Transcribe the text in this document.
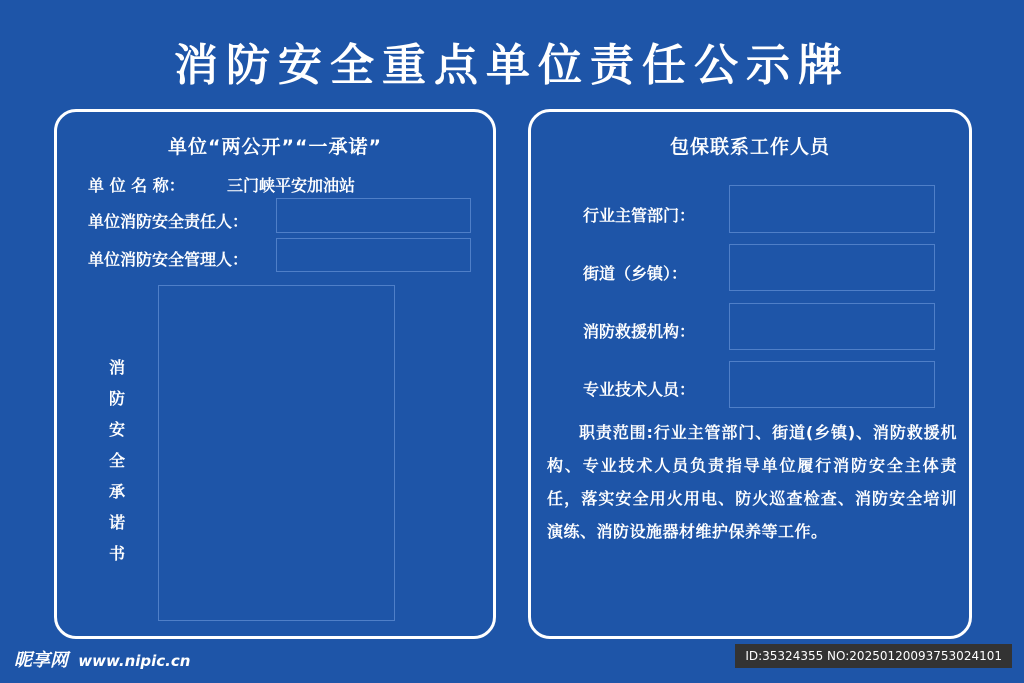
消防安全重点单位责任公示牌
单位“两公开”“一承诺”
单 位 名 称：	三门峡平安加油站
单位消防安全责任人：
单位消防安全管理人：
消
防
安
全
承
诺
书
包保联系工作人员
行业主管部门：
街道（乡镇）：
消防救援机构：
专业技术人员：
职责范围:行业主管部门、街道(乡镇)、消防救援机构、专业技术人员负责指导单位履行消防安全主体责任，落实安全用火用电、防火巡查检查、消防安全培训演练、消防设施器材维护保养等工作。
昵享网 www.nipic.cn	ID:35324355 NO:20250120093753024101
